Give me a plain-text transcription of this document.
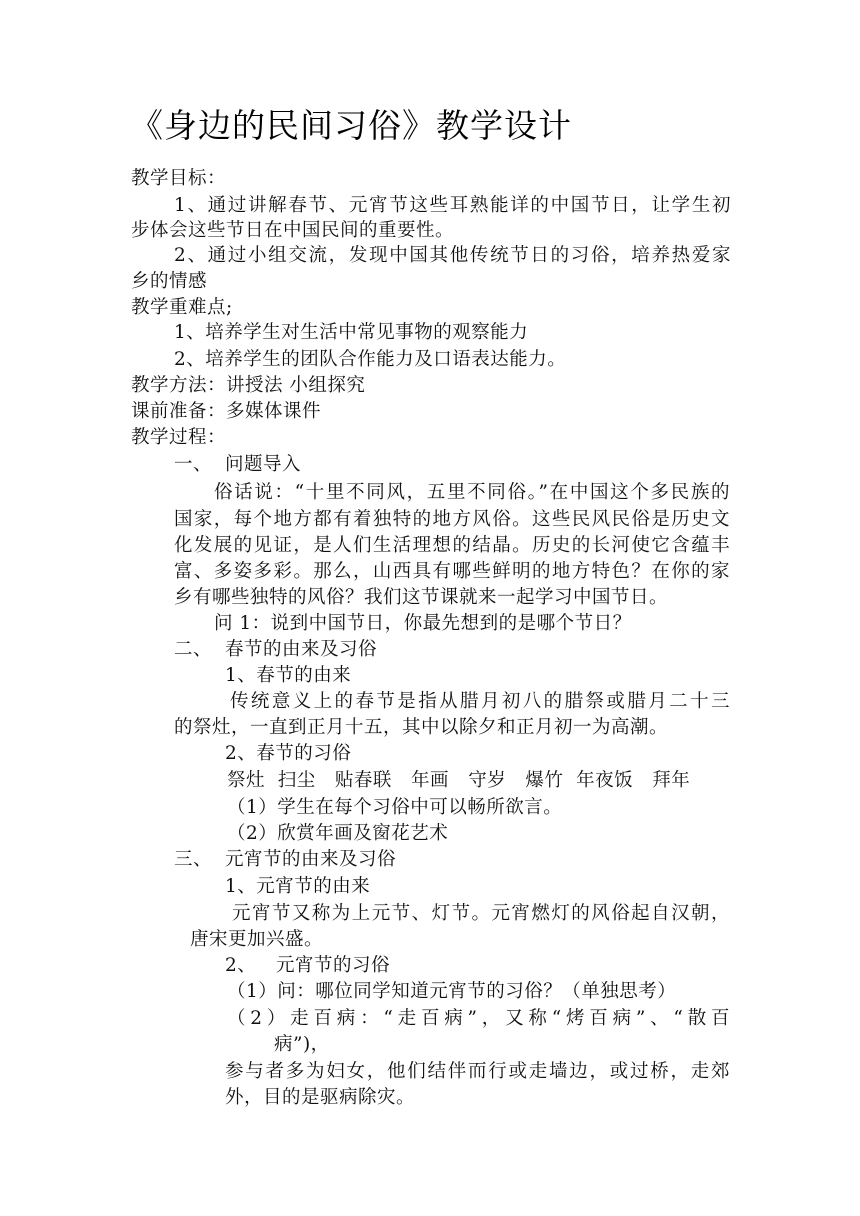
《身边的民间习俗》教学设计
教学目标：
1、通过讲解春节、元宵节这些耳熟能详的中国节日，让学生初
步体会这些节日在中国民间的重要性。
2、通过小组交流，发现中国其他传统节日的习俗，培养热爱家
乡的情感
教学重难点;
1、培养学生对生活中常见事物的观察能力
2、培养学生的团队合作能力及口语表达能力。
教学方法：讲授法 小组探究
课前准备：多媒体课件
教学过程：
一、 问题导入
俗话说：“十里不同风，五里不同俗。”在中国这个多民族的
国家，每个地方都有着独特的地方风俗。这些民风民俗是历史文
化发展的见证，是人们生活理想的结晶。历史的长河使它含蕴丰
富、多姿多彩。那么，山西具有哪些鲜明的地方特色？在你的家
乡有哪些独特的风俗？我们这节课就来一起学习中国节日。
问 1：说到中国节日，你最先想到的是哪个节日？
二、 春节的由来及习俗
1、春节的由来
传统意义上的春节是指从腊月初八的腊祭或腊月二十三
的祭灶，一直到正月十五，其中以除夕和正月初一为高潮。
2、春节的习俗
祭灶  扫尘   贴春联   年画   守岁   爆竹  年夜饭   拜年
（1）学生在每个习俗中可以畅所欲言。
（2）欣赏年画及窗花艺术
三、 元宵节的由来及习俗
1、元宵节的由来
元宵节又称为上元节、灯节。元宵燃灯的风俗起自汉朝，
唐宋更加兴盛。
2、 元宵节的习俗
（1）问：哪位同学知道元宵节的习俗？（单独思考）
（2）走百病：“走百病”，又称“烤百病”、“散百
病”)，
参与者多为妇女，他们结伴而行或走墙边，或过桥，走郊
外，目的是驱病除灾。
